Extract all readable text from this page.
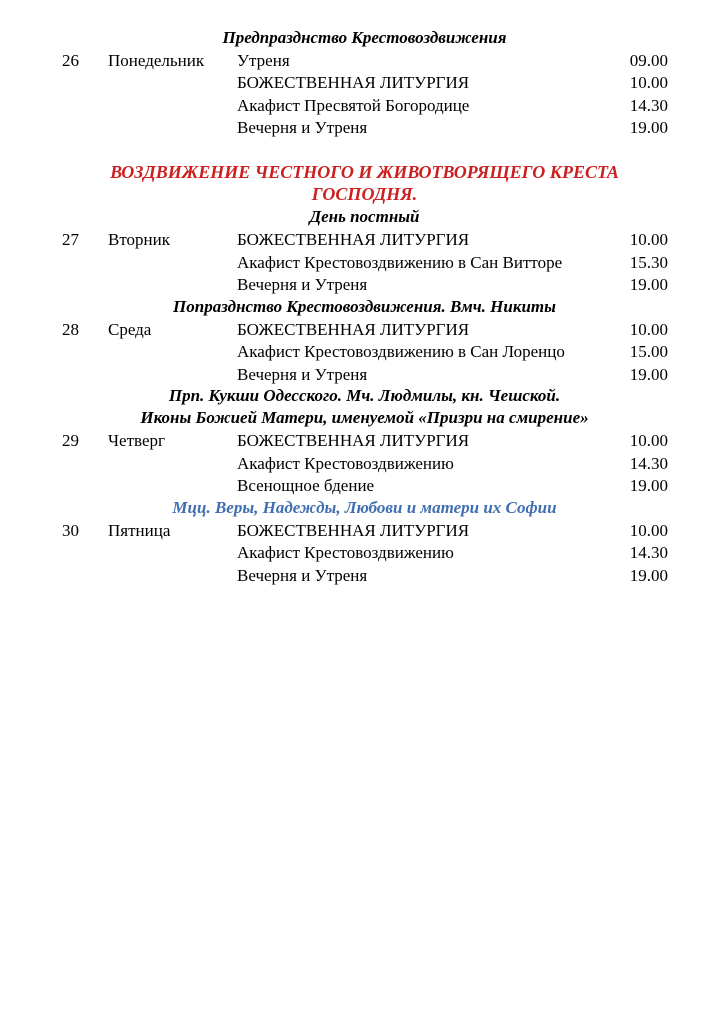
Предпразднство Крестовоздвижения
26 Понедельник Утреня	09.00
БОЖЕСТВЕННАЯ ЛИТУРГИЯ	10.00
Акафист Пресвятой Богородице	14.30
Вечерня и Утреня	19.00
ВОЗДВИЖЕНИЕ ЧЕСТНОГО И ЖИВОТВОРЯЩЕГО КРЕСТА
ГОСПОДНЯ.
День постный
27 Вторник	БОЖЕСТВЕННАЯ ЛИТУРГИЯ	10.00
Акафист Крестовоздвижению в Сан Витторе	15.30
Вечерня и Утреня	19.00
Попразднство Крестовоздвижения. Вмч. Никиты
28 Среда	БОЖЕСТВЕННАЯ ЛИТУРГИЯ	10.00
Акафист Крестовоздвижению в Сан Лоренцо	15.00
Вечерня и Утреня	19.00
Прп. Кукши Одесского. Мч. Людмилы, кн. Чешской.
Иконы Божией Матери, именуемой «Призри на смирение»
29 Четверг	БОЖЕСТВЕННАЯ ЛИТУРГИЯ	10.00
Акафист Крестовоздвижению	14.30
Всенощное бдение	19.00
Мцц. Веры, Надежды, Любови и матери их Софии
30 Пятница	БОЖЕСТВЕННАЯ ЛИТУРГИЯ	10.00
Акафист Крестовоздвижению	14.30
Вечерня и Утреня	19.00
